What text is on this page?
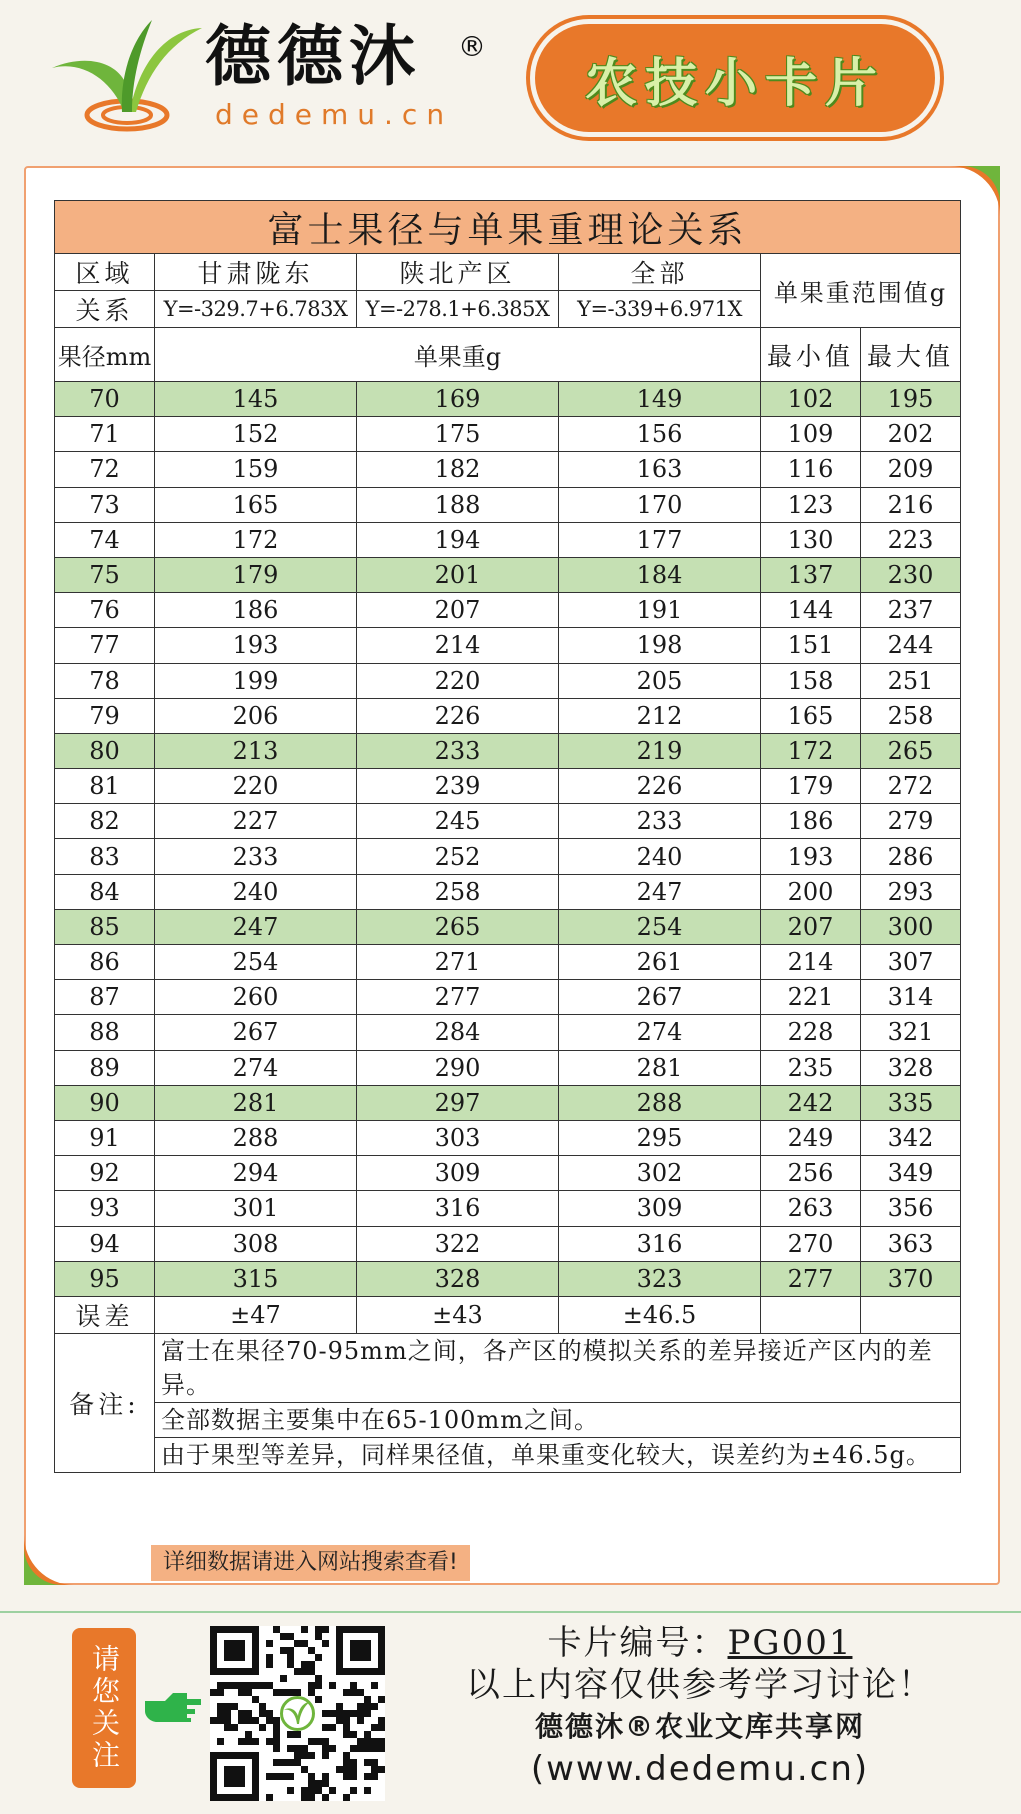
德德沐 ®
dedemu.cn
农技小卡片
富士果径与单果重理论关系					
区域	甘肃陇东	陕北产区	全部	单果重范围值g	
关系	Y=-329.7+6.783X	Y=-278.1+6.385X	Y=-339+6.971X		
果径mm	单果重g			最小值	最大值
70	145	169	149	102	195
71	152	175	156	109	202
72	159	182	163	116	209
73	165	188	170	123	216
74	172	194	177	130	223
75	179	201	184	137	230
76	186	207	191	144	237
77	193	214	198	151	244
78	199	220	205	158	251
79	206	226	212	165	258
80	213	233	219	172	265
81	220	239	226	179	272
82	227	245	233	186	279
83	233	252	240	193	286
84	240	258	247	200	293
85	247	265	254	207	300
86	254	271	261	214	307
87	260	277	267	221	314
88	267	284	274	228	321
89	274	290	281	235	328
90	281	297	288	242	335
91	288	303	295	249	342
92	294	309	302	256	349
93	301	316	309	263	356
94	308	322	316	270	363
95	315	328	323	277	370
误差	±47	±43	±46.5		
备注:	富士在果径70-95mm之间，各产区的模拟关系的差异接近产区内的差异。				
	全部数据主要集中在65-100mm之间。				
	由于果型等差异，同样果径值，单果重变化较大，误差约为±46.5g。				
详细数据请进入网站搜索查看!
请您关注
卡片编号：PG001
以上内容仅供参考学习讨论！
德德沐®农业文库共享网
(www.dedemu.cn)
